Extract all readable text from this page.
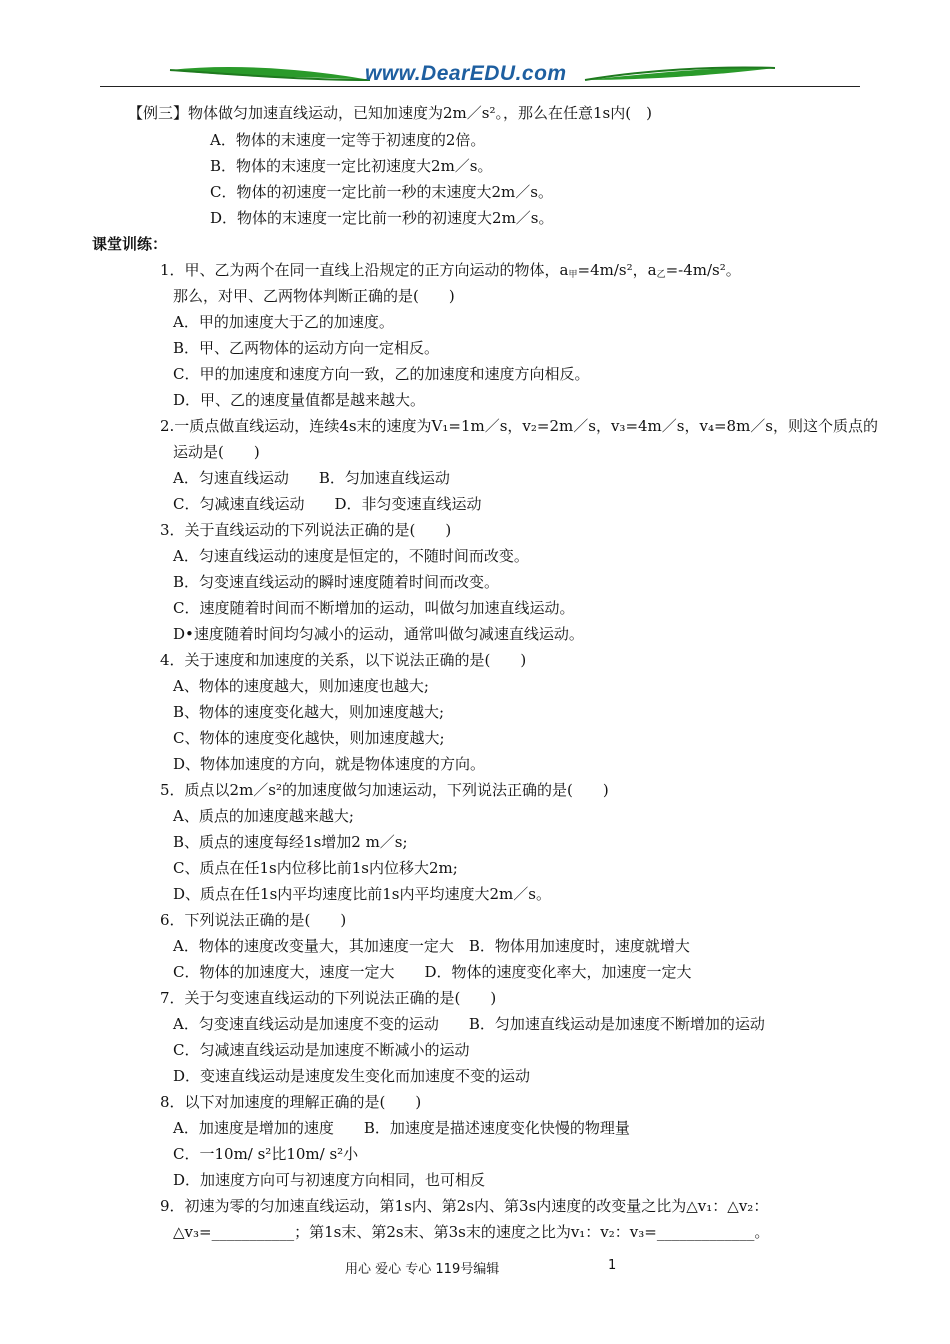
www.DearEDU.com
【例三】物体做匀加速直线运动，已知加速度为2m／s²。，那么在任意1s内(　)
A．物体的末速度一定等于初速度的2倍。
B．物体的末速度一定比初速度大2m／s。
C．物体的初速度一定比前一秒的末速度大2m／s。
D．物体的末速度一定比前一秒的初速度大2m／s。
课堂训练：
1．甲、乙为两个在同一直线上沿规定的正方向运动的物体，$a_甲=4m/s^2$，$a_乙=-4m/s^2$。
那么，对甲、乙两物体判断正确的是(　　)
A．甲的加速度大于乙的加速度。
B．甲、乙两物体的运动方向一定相反。
C．甲的加速度和速度方向一致，乙的加速度和速度方向相反。
D．甲、乙的速度量值都是越来越大。
2.一质点做直线运动，连续4s末的速度为V₁=1m／s，v₂=2m／s，v₃=4m／s，v₄=8m／s，则这个质点的
运动是(　　)
A．匀速直线运动　　B．匀加速直线运动
C．匀减速直线运动　　D．非匀变速直线运动
3．关于直线运动的下列说法正确的是(　　)
A．匀速直线运动的速度是恒定的，不随时间而改变。
B．匀变速直线运动的瞬时速度随着时间而改变。
C．速度随着时间而不断增加的运动，叫做匀加速直线运动。
D•速度随着时间均匀减小的运动，通常叫做匀减速直线运动。
4．关于速度和加速度的关系，以下说法正确的是(　　)
A、物体的速度越大，则加速度也越大;
B、物体的速度变化越大，则加速度越大;
C、物体的速度变化越快，则加速度越大;
D、物体加速度的方向，就是物体速度的方向。
5．质点以2m／s²的加速度做匀加速运动，下列说法正确的是(　　)
A、质点的加速度越来越大;
B、质点的速度每经1s增加2 m／s;
C、质点在任1s内位移比前1s内位移大2m;
D、质点在任1s内平均速度比前1s内平均速度大2m／s。
6．下列说法正确的是(　　)
A．物体的速度改变量大，其加速度一定大　B．物体用加速度时，速度就增大
C．物体的加速度大，速度一定大　　D．物体的速度变化率大，加速度一定大
7．关于匀变速直线运动的下列说法正确的是(　　)
A．匀变速直线运动是加速度不变的运动　　B．匀加速直线运动是加速度不断增加的运动
C．匀减速直线运动是加速度不断减小的运动
D．变速直线运动是速度发生变化而加速度不变的运动
8．以下对加速度的理解正确的是(　　)
A．加速度是增加的速度　　B．加速度是描述速度变化快慢的物理量
C．一10m/ s²比10m/ s²小
D．加速度方向可与初速度方向相同，也可相反
9．初速为零的匀加速直线运动，第1s内、第2s内、第3s内速度的改变量之比为△v₁：△v₂：
△v₃=___________；第1s末、第2s末、第3s末的速度之比为v₁：v₂：v₃=_____________。
用心 爱心 专心 119号编辑	1
